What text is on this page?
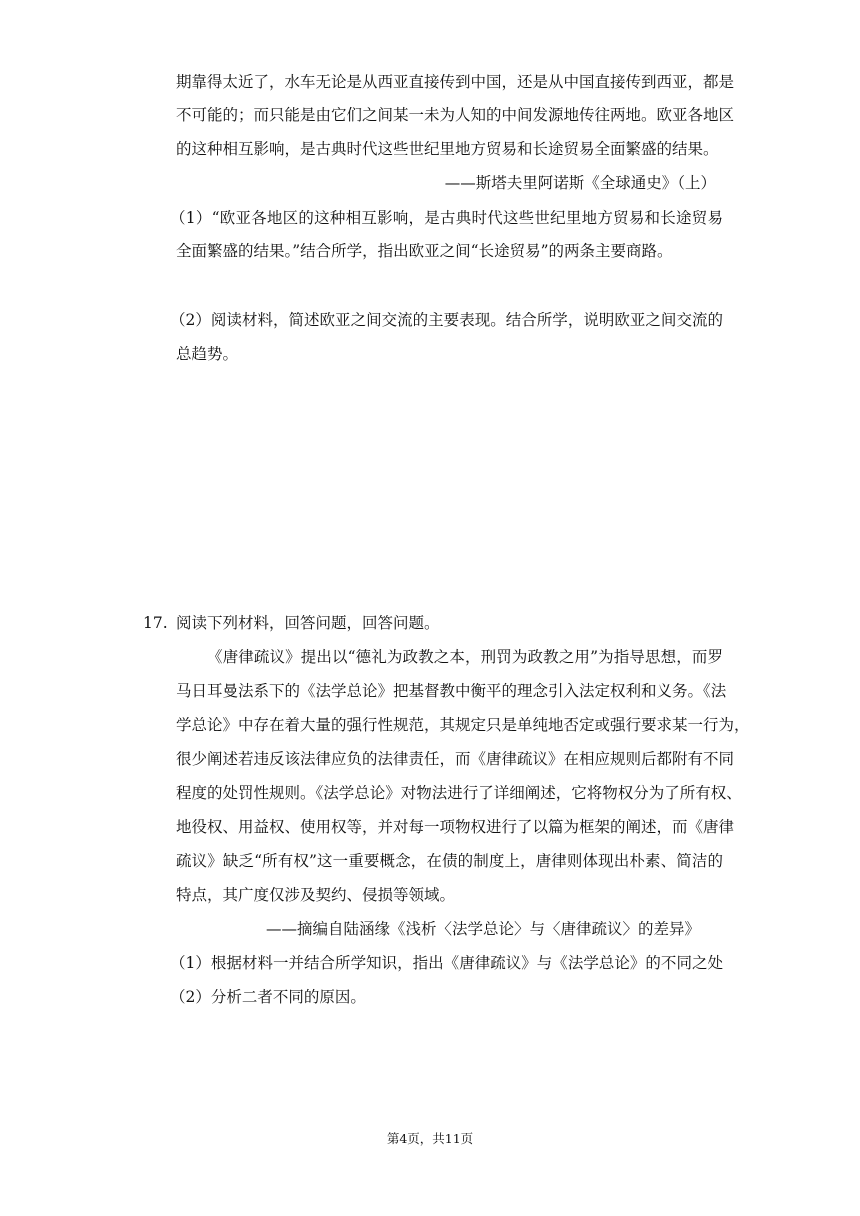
期靠得太近了，水车无论是从西亚直接传到中国，还是从中国直接传到西亚，都是
不可能的；而只能是由它们之间某一未为人知的中间发源地传往两地。欧亚各地区
的这种相互影响，是古典时代这些世纪里地方贸易和长途贸易全面繁盛的结果。
——斯塔夫里阿诺斯《全球通史》（上）
（1）“欧亚各地区的这种相互影响，是古典时代这些世纪里地方贸易和长途贸易
全面繁盛的结果。”结合所学，指出欧亚之间“长途贸易”的两条主要商路。
（2）阅读材料，简述欧亚之间交流的主要表现。结合所学，说明欧亚之间交流的
总趋势。
17. 阅读下列材料，回答问题，回答问题。
《唐律疏议》提出以“德礼为政教之本，刑罚为政教之用”为指导思想，而罗
马日耳曼法系下的《法学总论》把基督教中衡平的理念引入法定权利和义务。《法
学总论》中存在着大量的强行性规范，其规定只是单纯地否定或强行要求某一行为，
很少阐述若违反该法律应负的法律责任，而《唐律疏议》在相应规则后都附有不同
程度的处罚性规则。《法学总论》对物法进行了详细阐述，它将物权分为了所有权、
地役权、用益权、使用权等，并对每一项物权进行了以篇为框架的阐述，而《唐律
疏议》缺乏“所有权”这一重要概念，在债的制度上，唐律则体现出朴素、简洁的
特点，其广度仅涉及契约、侵损等领域。
——摘编自陆涵缘《浅析〈法学总论〉与〈唐律疏议〉的差异》
（1）根据材料一并结合所学知识，指出《唐律疏议》与《法学总论》的不同之处
（2）分析二者不同的原因。
第4页，共11页
